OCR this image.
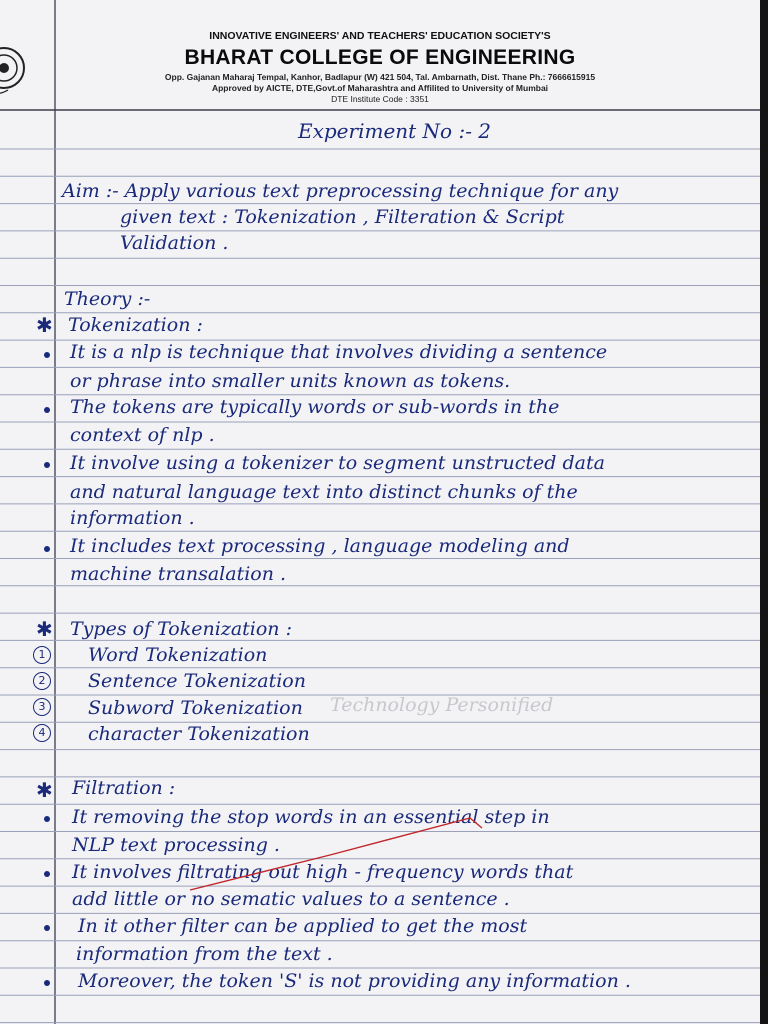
INNOVATIVE ENGINEERS' AND TEACHERS' EDUCATION SOCIETY'S
BHARAT COLLEGE OF ENGINEERING
Opp. Gajanan Maharaj Tempal, Kanhor, Badlapur (W) 421 504, Tal. Ambarnath, Dist. Thane Ph.: 7666615915
Approved by AICTE, DTE,Govt.of Maharashtra and Affilited to University of Mumbai
DTE Institute Code : 3351
Technology Personified
Experiment No :- 2
Aim :- Apply various text preprocessing technique for any
given text : Tokenization , Filteration & Script
Validation .
Theory :-
✱ Tokenization :
It is a nlp is technique that involves dividing a sentence
or phrase into smaller units known as tokens.
The tokens are typically words or sub-words in the
context of nlp .
It involve using a tokenizer to segment unstructed data
and natural language text into distinct chunks of the
information .
It includes text processing , language modeling and
machine transalation .
✱ Types of Tokenization :
1 Word Tokenization
2 Sentence Tokenization
3 Subword Tokenization
4 character Tokenization
✱ Filtration :
It removing the stop words in an essential step in
NLP text processing .
It involves filtrating out high - frequency words that
add little or no sematic values to a sentence .
In it other filter can be applied to get the most
information from the text .
Moreover, the token 'S' is not providing any information .
